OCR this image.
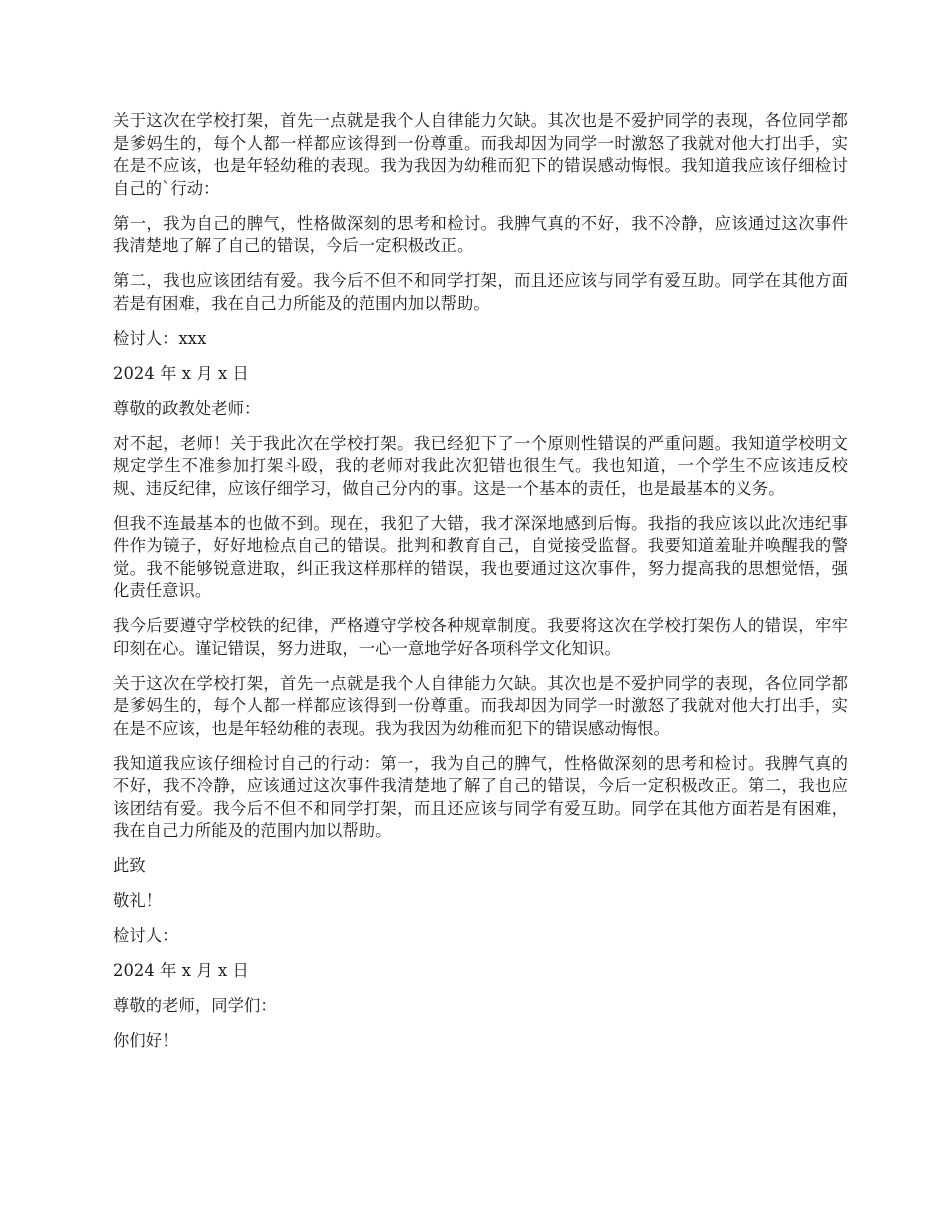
关于这次在学校打架，首先一点就是我个人自律能力欠缺。其次也是不爱护同学的表现，各位同学都是爹妈生的，每个人都一样都应该得到一份尊重。而我却因为同学一时激怒了我就对他大打出手，实在是不应该，也是年轻幼稚的表现。我为我因为幼稚而犯下的错误感动悔恨。我知道我应该仔细检讨自己的`行动：

第一，我为自己的脾气，性格做深刻的思考和检讨。我脾气真的不好，我不冷静，应该通过这次事件我清楚地了解了自己的错误，今后一定积极改正。

第二，我也应该团结有爱。我今后不但不和同学打架，而且还应该与同学有爱互助。同学在其他方面若是有困难，我在自己力所能及的范围内加以帮助。

检讨人：xxx

2024 年 x 月 x 日

尊敬的政教处老师：

对不起，老师！关于我此次在学校打架。我已经犯下了一个原则性错误的严重问题。我知道学校明文规定学生不准参加打架斗殴，我的老师对我此次犯错也很生气。我也知道，一个学生不应该违反校规、违反纪律，应该仔细学习，做自己分内的事。这是一个基本的责任，也是最基本的义务。

但我不连最基本的也做不到。现在，我犯了大错，我才深深地感到后悔。我指的我应该以此次违纪事件作为镜子，好好地检点自己的错误。批判和教育自己，自觉接受监督。我要知道羞耻并唤醒我的警觉。我不能够锐意进取，纠正我这样那样的错误，我也要通过这次事件，努力提高我的思想觉悟，强化责任意识。

我今后要遵守学校铁的纪律，严格遵守学校各种规章制度。我要将这次在学校打架伤人的错误，牢牢印刻在心。谨记错误，努力进取，一心一意地学好各项科学文化知识。

关于这次在学校打架，首先一点就是我个人自律能力欠缺。其次也是不爱护同学的表现，各位同学都是爹妈生的，每个人都一样都应该得到一份尊重。而我却因为同学一时激怒了我就对他大打出手，实在是不应该，也是年轻幼稚的表现。我为我因为幼稚而犯下的错误感动悔恨。

我知道我应该仔细检讨自己的行动：第一，我为自己的脾气，性格做深刻的思考和检讨。我脾气真的不好，我不冷静，应该通过这次事件我清楚地了解了自己的错误，今后一定积极改正。第二，我也应该团结有爱。我今后不但不和同学打架，而且还应该与同学有爱互助。同学在其他方面若是有困难，我在自己力所能及的范围内加以帮助。

此致

敬礼！

检讨人：

2024 年 x 月 x 日

尊敬的老师，同学们：

你们好！
